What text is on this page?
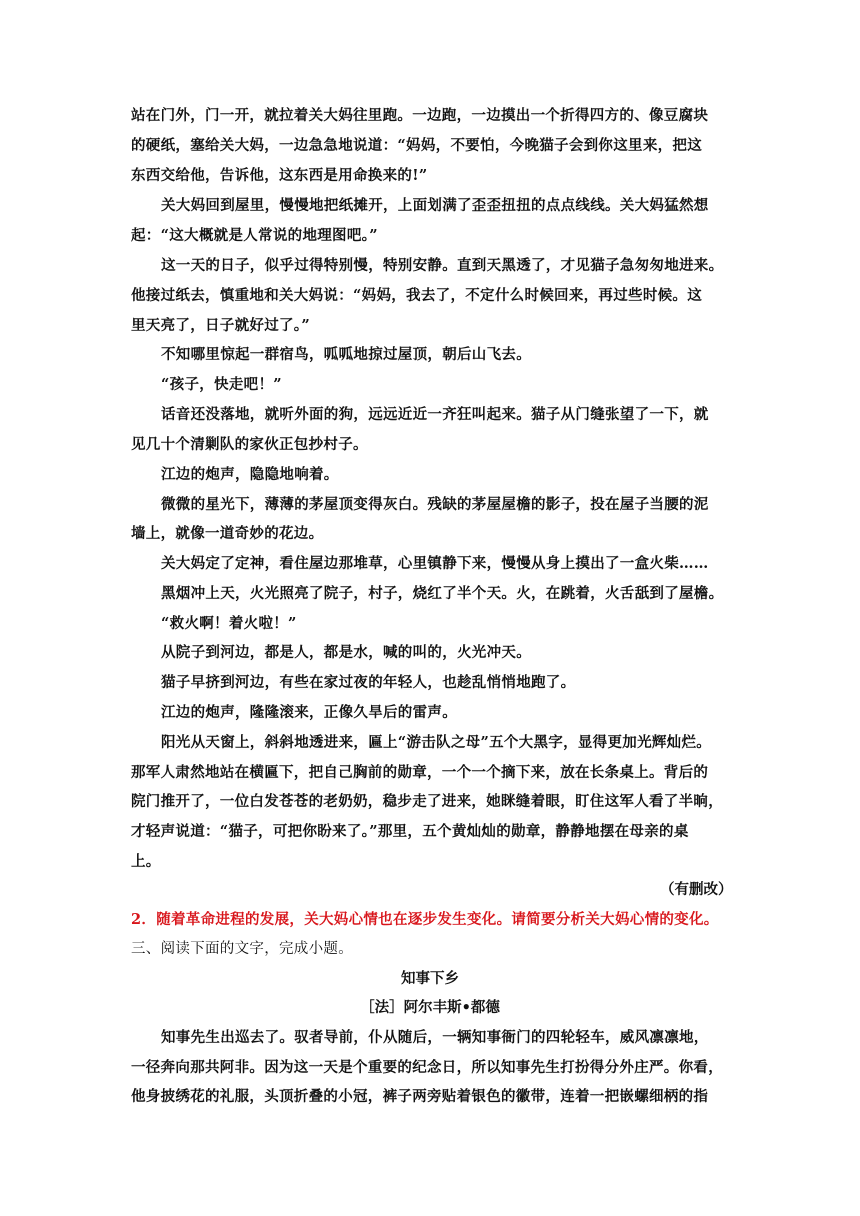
站在门外，门一开，就拉着关大妈往里跑。一边跑，一边摸出一个折得四方的、像豆腐块
的硬纸，塞给关大妈，一边急急地说道：“妈妈，不要怕，今晚猫子会到你这里来，把这
东西交给他，告诉他，这东西是用命换来的!”
关大妈回到屋里，慢慢地把纸摊开，上面划满了歪歪扭扭的点点线线。关大妈猛然想
起：“这大概就是人常说的地理图吧。”
这一天的日子，似乎过得特别慢，特别安静。直到天黑透了，才见猫子急匆匆地进来。
他接过纸去，慎重地和关大妈说：“妈妈，我去了，不定什么时候回来，再过些时候。这
里天亮了，日子就好过了。”
不知哪里惊起一群宿鸟，呱呱地掠过屋顶，朝后山飞去。
“孩子，快走吧！”
话音还没落地，就听外面的狗，远远近近一齐狂叫起来。猫子从门缝张望了一下，就
见几十个清剿队的家伙正包抄村子。
江边的炮声，隐隐地响着。
微微的星光下，薄薄的茅屋顶变得灰白。残缺的茅屋屋檐的影子，投在屋子当腰的泥
墙上，就像一道奇妙的花边。
关大妈定了定神，看住屋边那堆草，心里镇静下来，慢慢从身上摸出了一盒火柴……
黑烟冲上天，火光照亮了院子，村子，烧红了半个天。火，在跳着，火舌舐到了屋檐。
“救火啊！着火啦！”
从院子到河边，都是人，都是水，喊的叫的，火光冲天。
猫子早挤到河边，有些在家过夜的年轻人，也趁乱悄悄地跑了。
江边的炮声，隆隆滚来，正像久旱后的雷声。
阳光从天窗上，斜斜地透进来，匾上“游击队之母”五个大黑字，显得更加光辉灿烂。
那军人肃然地站在横匾下，把自己胸前的勋章，一个一个摘下来，放在长条桌上。背后的
院门推开了，一位白发苍苍的老奶奶，稳步走了进来，她眯缝着眼，盯住这军人看了半晌，
才轻声说道：“猫子，可把你盼来了。”那里，五个黄灿灿的勋章，静静地摆在母亲的桌
上。
（有删改）
2．随着革命进程的发展，关大妈心情也在逐步发生变化。请简要分析关大妈心情的变化。
三、阅读下面的文字，完成小题。
知事下乡
［法］阿尔丰斯•都德
知事先生出巡去了。驭者导前，仆从随后，一辆知事衙门的四轮轻车，威风凛凛地，
一径奔向那共阿非。因为这一天是个重要的纪念日，所以知事先生打扮得分外庄严。你看，
他身披绣花的礼服，头顶折叠的小冠，裤子两旁贴着银色的徽带，连着一把嵌螺细柄的指
